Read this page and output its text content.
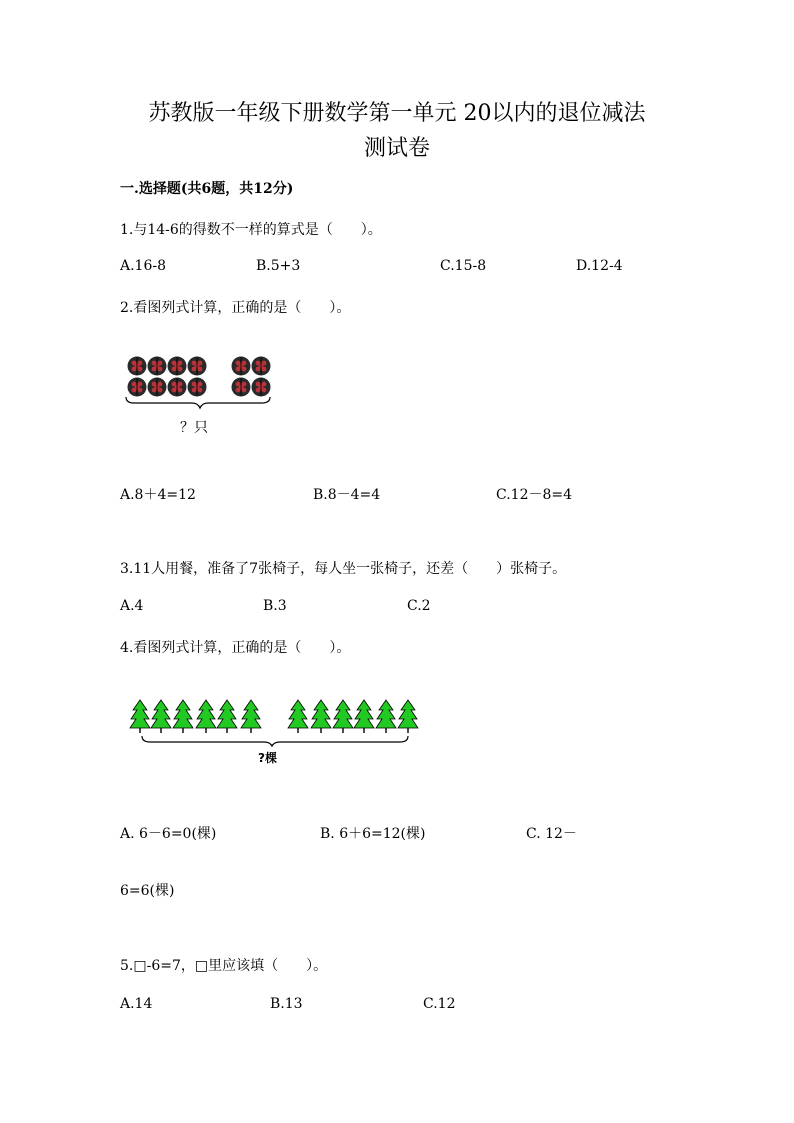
苏教版一年级下册数学第一单元 20以内的退位减法
测试卷
一.选择题(共6题，共12分)
1.与14-6的得数不一样的算式是（　　）。
A.16-8	B.5+3	C.15-8	D.12-4
2.看图列式计算，正确的是（　　）。
？只
A.8＋4=12	B.8－4=4	C.12－8=4
3.11人用餐，准备了7张椅子，每人坐一张椅子，还差（　　）张椅子。
A.4	B.3	C.2
4.看图列式计算，正确的是（　　）。
?棵
A. 6－6=0(棵)	B. 6＋6=12(棵)	C. 12－
6=6(棵)
5.□-6=7，□里应该填（　　）。
A.14	B.13	C.12
